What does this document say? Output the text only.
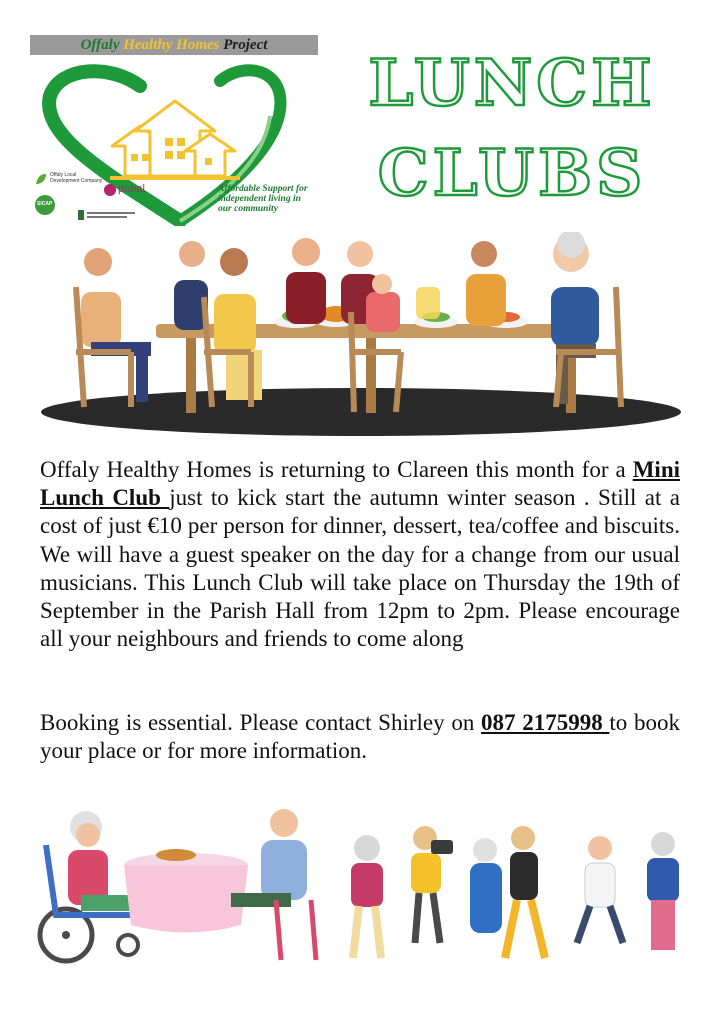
Offaly Healthy Homes Project
Offaly Local
Development Company
pobal
SICAP
Affordable Support for
independent living in
our community
LUNCH
CLUBS
Offaly Healthy Homes is returning to Clareen this month for a Mini Lunch Club just to kick start the autumn winter season . Still at a cost of just €10 per person for dinner, dessert, tea/coffee and biscuits. We will have a guest speaker on the day for a change from our usual musicians. This Lunch Club will take place on Thursday the 19th of September in the Parish Hall from 12pm to 2pm. Please encourage all your neighbours and friends to come along
Booking is essential. Please contact Shirley on 087 2175998 to book your place or for more information.
